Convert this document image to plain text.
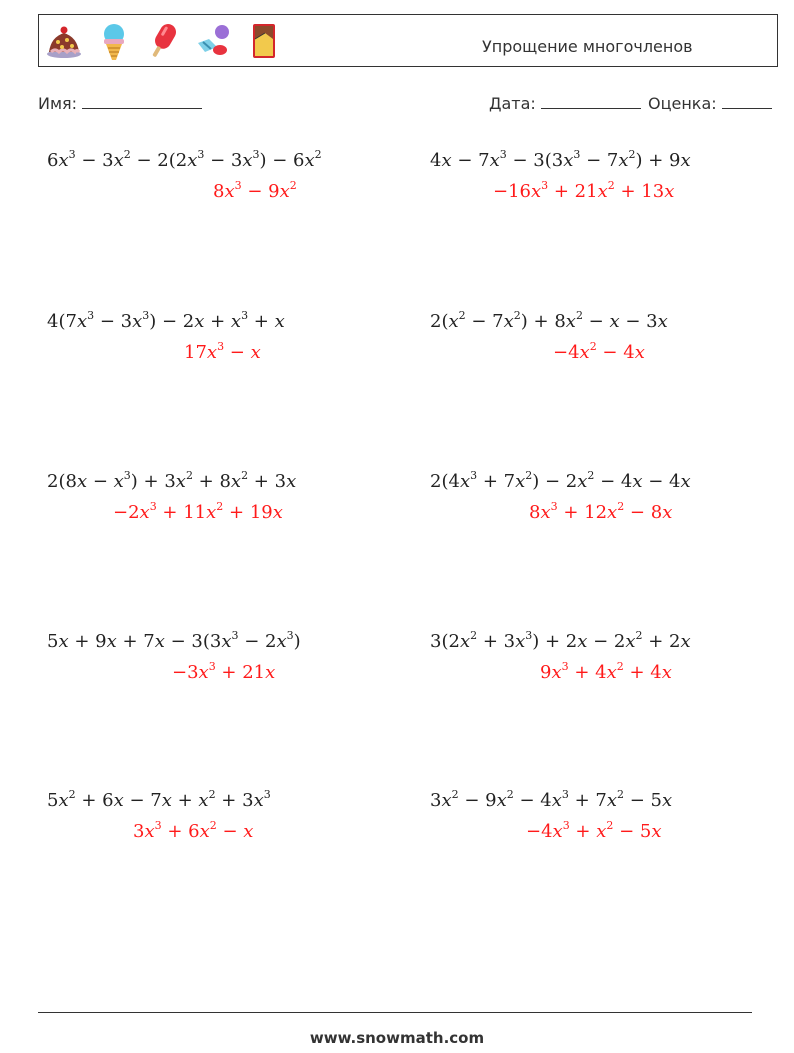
Упрощение многочленов
Имя:	Дата:	Оценка:
$6x^3 - 3x^2 - 2(2x^3 - 3x^3) - 6x^2$
$8x^3 - 9x^2$
$4x - 7x^3 - 3(3x^3 - 7x^2) + 9x$
$-16x^3 + 21x^2 + 13x$
$4(7x^3 - 3x^3) - 2x + x^3 + x$
$17x^3 - x$
$2(x^2 - 7x^2) + 8x^2 - x - 3x$
$-4x^2 - 4x$
$2(8x - x^3) + 3x^2 + 8x^2 + 3x$
$-2x^3 + 11x^2 + 19x$
$2(4x^3 + 7x^2) - 2x^2 - 4x - 4x$
$8x^3 + 12x^2 - 8x$
$5x + 9x + 7x - 3(3x^3 - 2x^3)$
$-3x^3 + 21x$
$3(2x^2 + 3x^3) + 2x - 2x^2 + 2x$
$9x^3 + 4x^2 + 4x$
$5x^2 + 6x - 7x + x^2 + 3x^3$
$3x^3 + 6x^2 - x$
$3x^2 - 9x^2 - 4x^3 + 7x^2 - 5x$
$-4x^3 + x^2 - 5x$
www.snowmath.com
